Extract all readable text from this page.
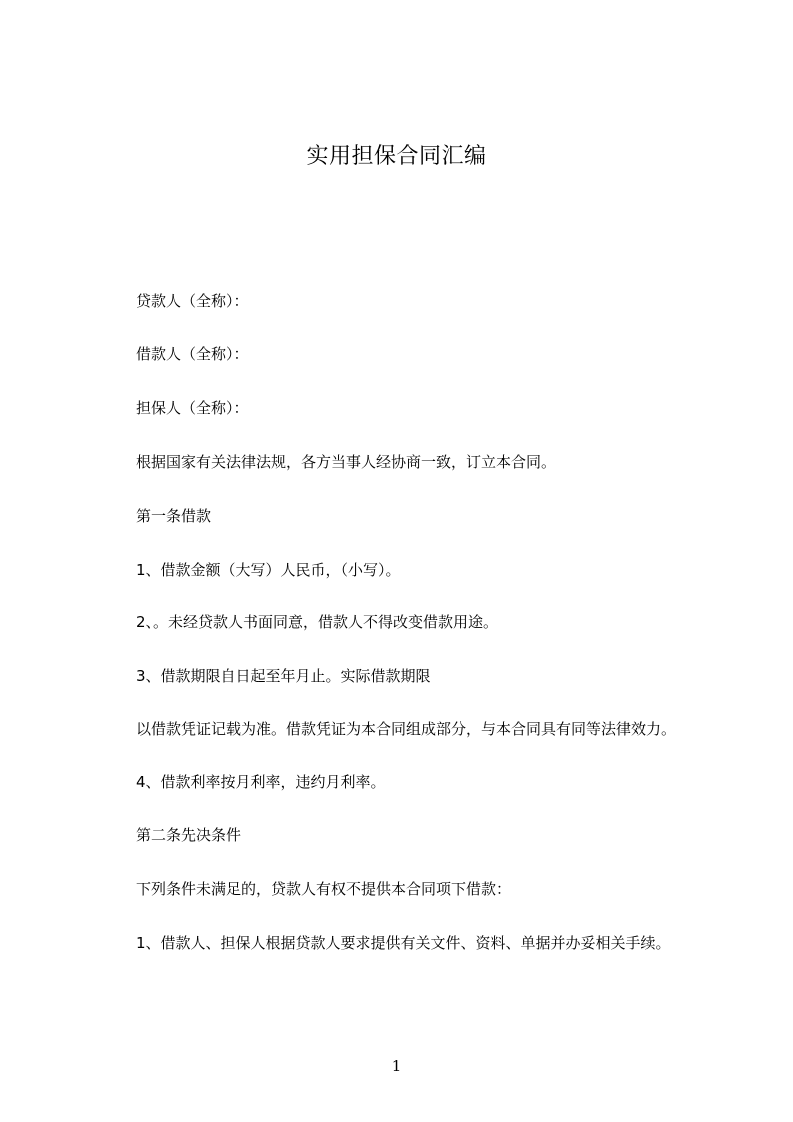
实用担保合同汇编
贷款人（全称）：
借款人（全称）：
担保人（全称）：
根据国家有关法律法规，各方当事人经协商一致，订立本合同。
第一条借款
1、借款金额（大写）人民币，（小写）。
2、。未经贷款人书面同意，借款人不得改变借款用途。
3、借款期限自日起至年月止。实际借款期限
以借款凭证记载为准。借款凭证为本合同组成部分，与本合同具有同等法律效力。
4、借款利率按月利率，违约月利率。
第二条先决条件
下列条件未满足的，贷款人有权不提供本合同项下借款：
1、借款人、担保人根据贷款人要求提供有关文件、资料、单据并办妥相关手续。
1
